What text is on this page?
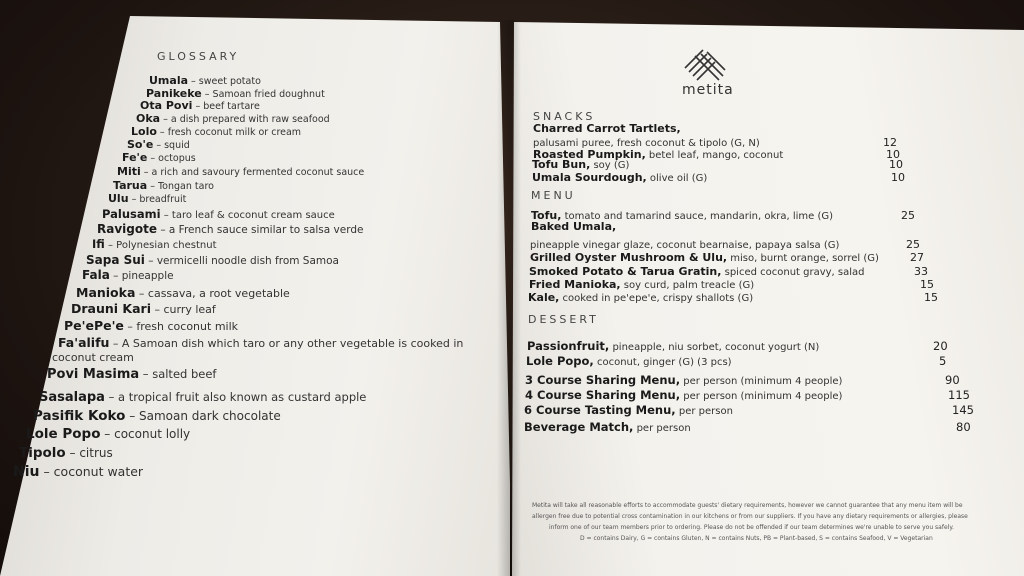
GLOSSARY
Umala – sweet potato
Panikeke – Samoan fried doughnut
Ota Povi – beef tartare
Oka – a dish prepared with raw seafood
Lolo – fresh coconut milk or cream
So'e – squid
Fe'e – octopus
Miti – a rich and savoury fermented coconut sauce
Tarua – Tongan taro
Ulu – breadfruit
Palusami – taro leaf & coconut cream sauce
Ravigote – a French sauce similar to salsa verde
Ifi – Polynesian chestnut
Sapa Sui – vermicelli noodle dish from Samoa
Fala – pineapple
Manioka – cassava, a root vegetable
Drauni Kari – curry leaf
Pe'ePe'e – fresh coconut milk
Fa'alifu – A Samoan dish which taro or any other vegetable is cooked in
Povi Masima – salted beef
Sasalapa – a tropical fruit also known as custard apple
Pasifik Koko – Samoan dark chocolate
Lole Popo – coconut lolly
Tipolo – citrus
Niu – coconut water
coconut cream
metita
SNACKS
MENU
DESSERT
Charred Carrot Tartlets,
palusami puree, fresh coconut & tipolo (G, N)	12
Roasted Pumpkin, betel leaf, mango, coconut	10
Tofu Bun, soy (G)	10
Umala Sourdough, olive oil (G)	10
Tofu, tomato and tamarind sauce, mandarin, okra, lime (G)	25
Baked Umala,
pineapple vinegar glaze, coconut bearnaise, papaya salsa (G)	25
Grilled Oyster Mushroom & Ulu, miso, burnt orange, sorrel (G)	27
Smoked Potato & Tarua Gratin, spiced coconut gravy, salad	33
Fried Manioka, soy curd, palm treacle (G)	15
Kale, cooked in pe'epe'e, crispy shallots (G)	15
Passionfruit, pineapple, niu sorbet, coconut yogurt (N)	20
Lole Popo, coconut, ginger (G) (3 pcs)	5
3 Course Sharing Menu, per person (minimum 4 people)	90
4 Course Sharing Menu, per person (minimum 4 people)	115
6 Course Tasting Menu, per person	145
Beverage Match, per person	80
Metita will take all reasonable efforts to accommodate guests' dietary requirements, however we cannot guarantee that any menu item will be
allergen free due to potential cross contamination in our kitchens or from our suppliers. If you have any dietary requirements or allergies, please
inform one of our team members prior to ordering. Please do not be offended if our team determines we're unable to serve you safely.
D = contains Dairy, G = contains Gluten, N = contains Nuts, PB = Plant-based, S = contains Seafood, V = Vegetarian
